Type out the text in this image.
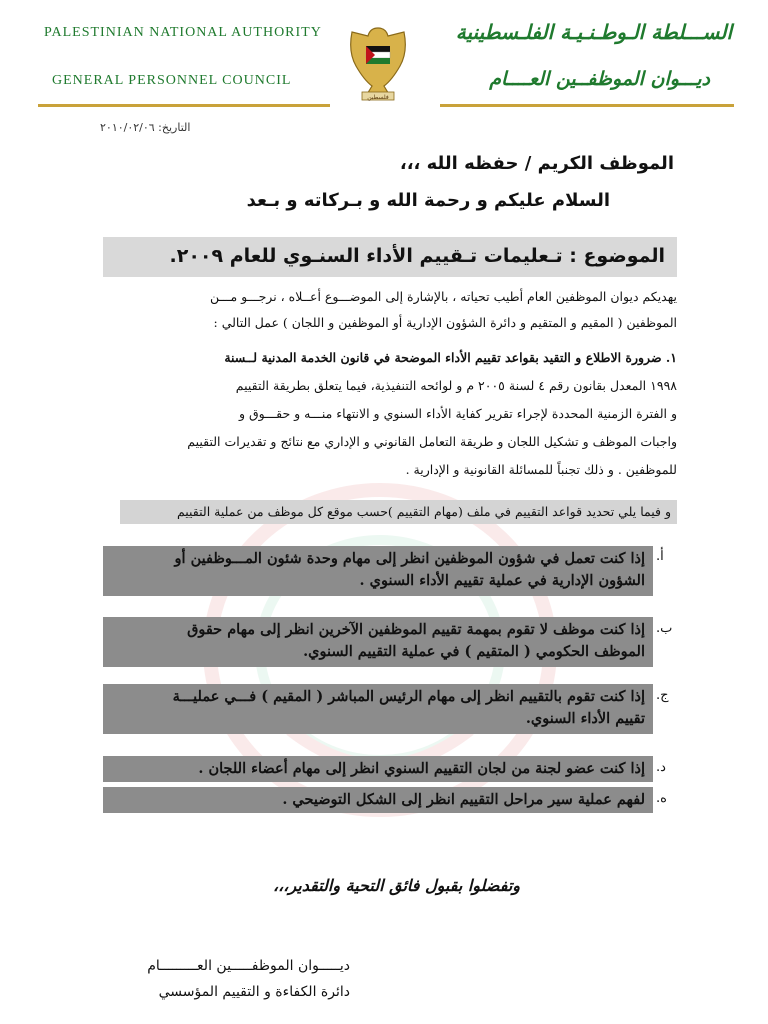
PALESTINIAN NATIONAL AUTHORITY
GENERAL PERSONNEL COUNCIL
الســـلطة الـوطـنـيـة الفلـسطينية
ديـــوان الموظفــين العــــام
فلسطين
التاريخ: ٢٠١٠/٠٢/٠٦
الموظف الكريم / حفظه الله ،،،
السلام عليكم و رحمة الله و بـركاته و بـعد
الموضوع : تـعليمات تـقييم الأداء السنـوي للعام ٢٠٠٩.
يهديكم ديوان الموظفين العام أطيب تحياته ، بالإشارة إلى الموضـــوع أعــلاه ، نرجـــو مـــن
الموظفين ( المقيم و المتقيم و دائرة الشؤون الإدارية أو الموظفين و اللجان ) عمل التالي :
١. ضرورة الاطلاع و التقيد بقواعد تقييم الأداء الموضحة في قانون الخدمة المدنية لــسنة
١٩٩٨ المعدل بقانون رقم ٤ لسنة ٢٠٠٥ م و لوائحه التنفيذية، فيما يتعلق بطريقة التقييم
و الفترة الزمنية المحددة لإجراء تقرير كفاية الأداء السنوي و الانتهاء منـــه و حقـــوق و
واجبات الموظف و تشكيل اللجان و طريقة التعامل القانوني و الإداري مع نتائج و تقديرات التقييم
للموظفين . و ذلك تجنباً للمسائلة القانونية و الإدارية .
و فيما يلي تحديد قواعد التقييم في ملف (مهام التقييم )حسب موقع كل موظف من عملية التقييم
أ.
إذا كنت تعمل في شؤون الموظفين انظر إلى مهام وحدة شئون المـــوظفين أو
الشؤون الإدارية في عملية تقييم الأداء السنوي .
ب.
إذا كنت موظف لا تقوم بمهمة تقييم الموظفين الآخرين انظر إلى مهام حقوق
الموظف الحكومي ( المتقيم ) في عملية التقييم السنوي.
ج.
إذا كنت تقوم بالتقييم انظر إلى مهام الرئيس المباشر ( المقيم ) فـــي عمليـــة
تقييم الأداء السنوي.
د.
إذا كنت عضو لجنة من لجان التقييم السنوي انظر إلى مهام أعضاء اللجان .
ه.
لفهم عملية سير مراحل التقييم انظر إلى الشكل التوضيحي .
وتفضلوا بقبول فائق التحية والتقدير،،،
ديـــــوان الموظفـــــين العـــــــــام
دائرة الكفاءة و التقييم المؤسسي
